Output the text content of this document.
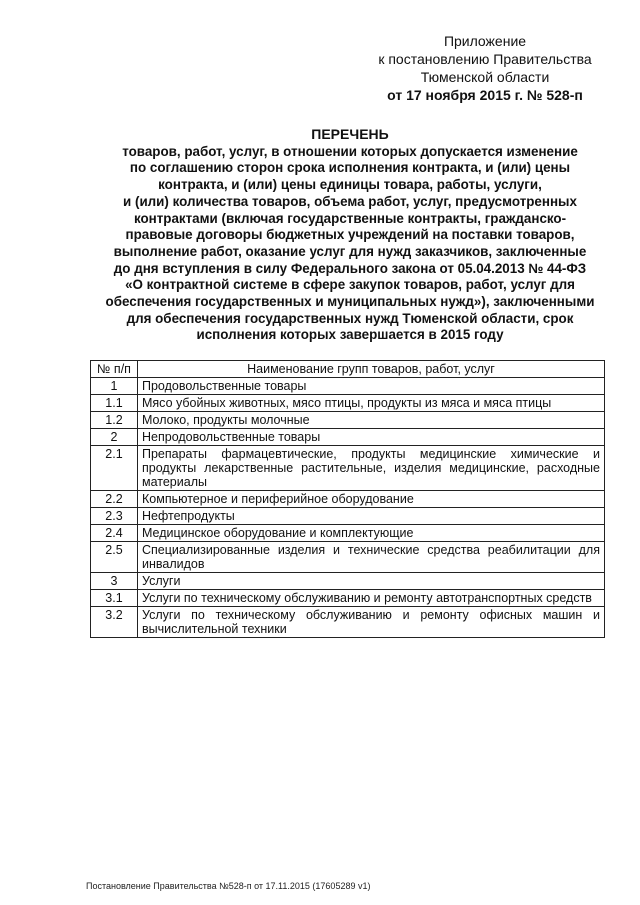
Приложение
к постановлению Правительства
Тюменской области
от 17 ноября 2015 г. № 528-п
ПЕРЕЧЕНЬ
товаров, работ, услуг, в отношении которых допускается изменение
по соглашению сторон срока исполнения контракта, и (или) цены
контракта, и (или) цены единицы товара, работы, услуги,
и (или) количества товаров, объема работ, услуг, предусмотренных
контрактами (включая государственные контракты, гражданско-
правовые договоры бюджетных учреждений на поставки товаров,
выполнение работ, оказание услуг для нужд заказчиков, заключенные
до дня вступления в силу Федерального закона от 05.04.2013 № 44-ФЗ
«О контрактной системе в сфере закупок товаров, работ, услуг для
обеспечения государственных и муниципальных нужд»), заключенными
для обеспечения государственных нужд Тюменской области, срок
исполнения которых завершается в 2015 году
№ п/п	Наименование групп товаров, работ, услуг
1	Продовольственные товары
1.1	Мясо убойных животных, мясо птицы, продукты из мяса и мяса птицы
1.2	Молоко, продукты молочные
2	Непродовольственные товары
2.1	Препараты фармацевтические, продукты медицинские химические и продукты лекарственные растительные, изделия медицинские, расходные материалы
2.2	Компьютерное и периферийное оборудование
2.3	Нефтепродукты
2.4	Медицинское оборудование и комплектующие
2.5	Специализированные изделия и технические средства реабилитации для инвалидов
3	Услуги
3.1	Услуги по техническому обслуживанию и ремонту автотранспортных средств
3.2	Услуги по техническому обслуживанию и ремонту офисных машин и вычислительной техники
Постановление Правительства №528-п от 17.11.2015 (17605289 v1)
